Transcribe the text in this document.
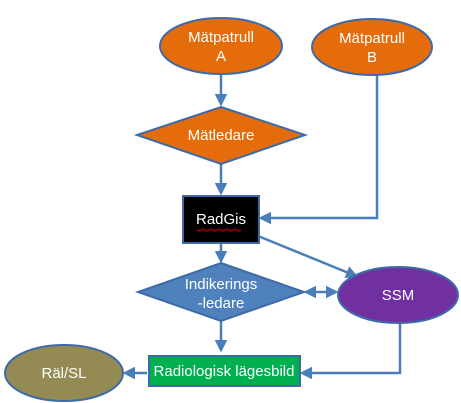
Mätpatrull
A
Mätpatrull
B
Mätledare
RadGis
Indikerings
-ledare	SSM
Radiologisk lägesbild
Räl/SL
